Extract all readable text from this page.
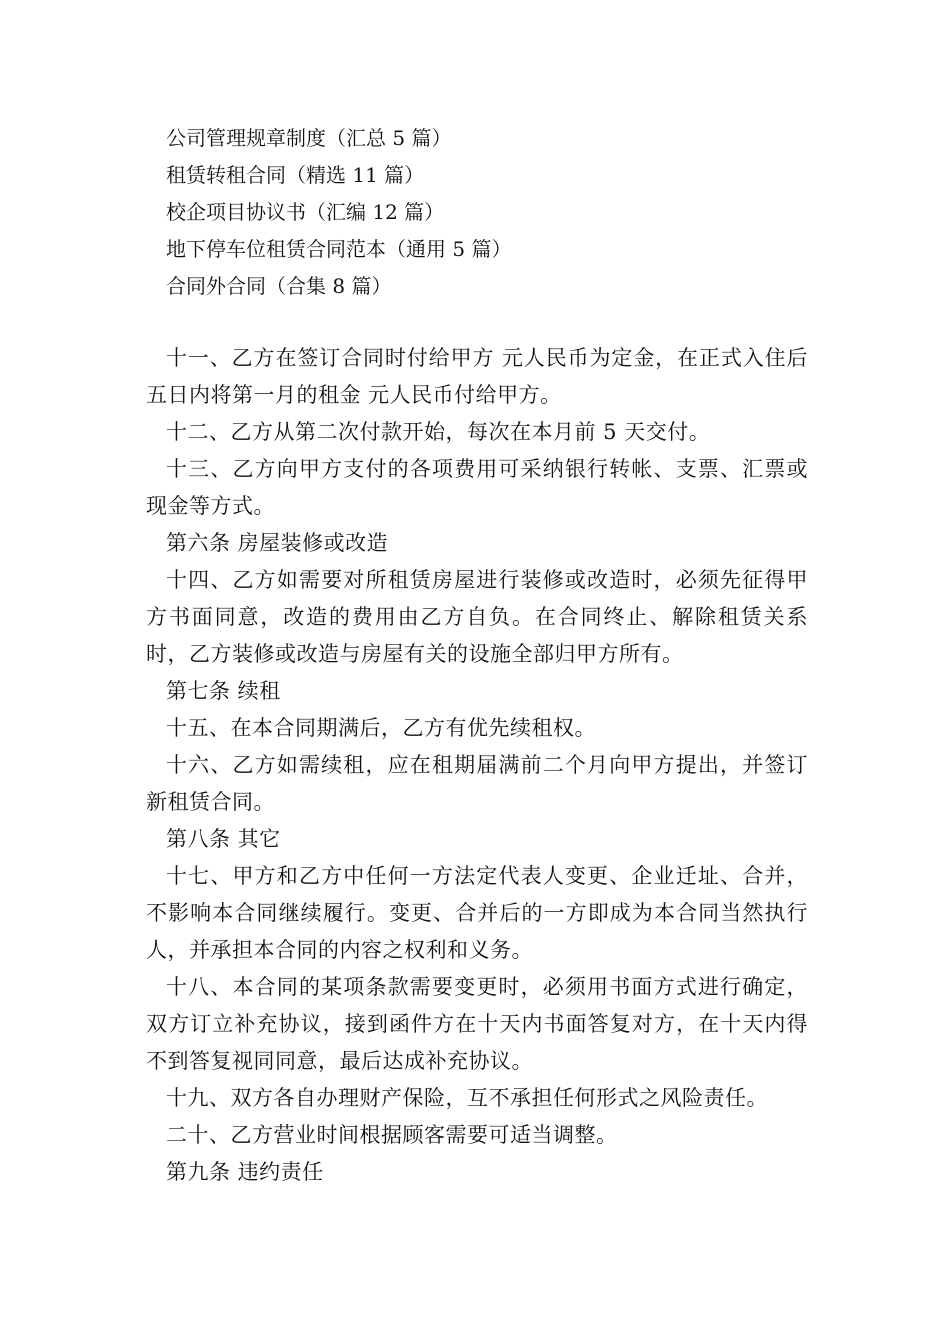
公司管理规章制度（汇总 5 篇）
租赁转租合同（精选 11 篇）
校企项目协议书（汇编 12 篇）
地下停车位租赁合同范本（通用 5 篇）
合同外合同（合集 8 篇）

十一、乙方在签订合同时付给甲方 元人民币为定金，在正式入住后五日内将第一月的租金 元人民币付给甲方。

十二、乙方从第二次付款开始，每次在本月前 5 天交付。

十三、乙方向甲方支付的各项费用可采纳银行转帐、支票、汇票或现金等方式。

第六条 房屋装修或改造

十四、乙方如需要对所租赁房屋进行装修或改造时，必须先征得甲方书面同意，改造的费用由乙方自负。在合同终止、解除租赁关系时，乙方装修或改造与房屋有关的设施全部归甲方所有。

第七条 续租

十五、在本合同期满后，乙方有优先续租权。

十六、乙方如需续租，应在租期届满前二个月向甲方提出，并签订新租赁合同。

第八条 其它

十七、甲方和乙方中任何一方法定代表人变更、企业迁址、合并，不影响本合同继续履行。变更、合并后的一方即成为本合同当然执行人，并承担本合同的内容之权利和义务。

十八、本合同的某项条款需要变更时，必须用书面方式进行确定，双方订立补充协议，接到函件方在十天内书面答复对方，在十天内得不到答复视同同意，最后达成补充协议。

十九、双方各自办理财产保险，互不承担任何形式之风险责任。

二十、乙方营业时间根据顾客需要可适当调整。

第九条 违约责任
